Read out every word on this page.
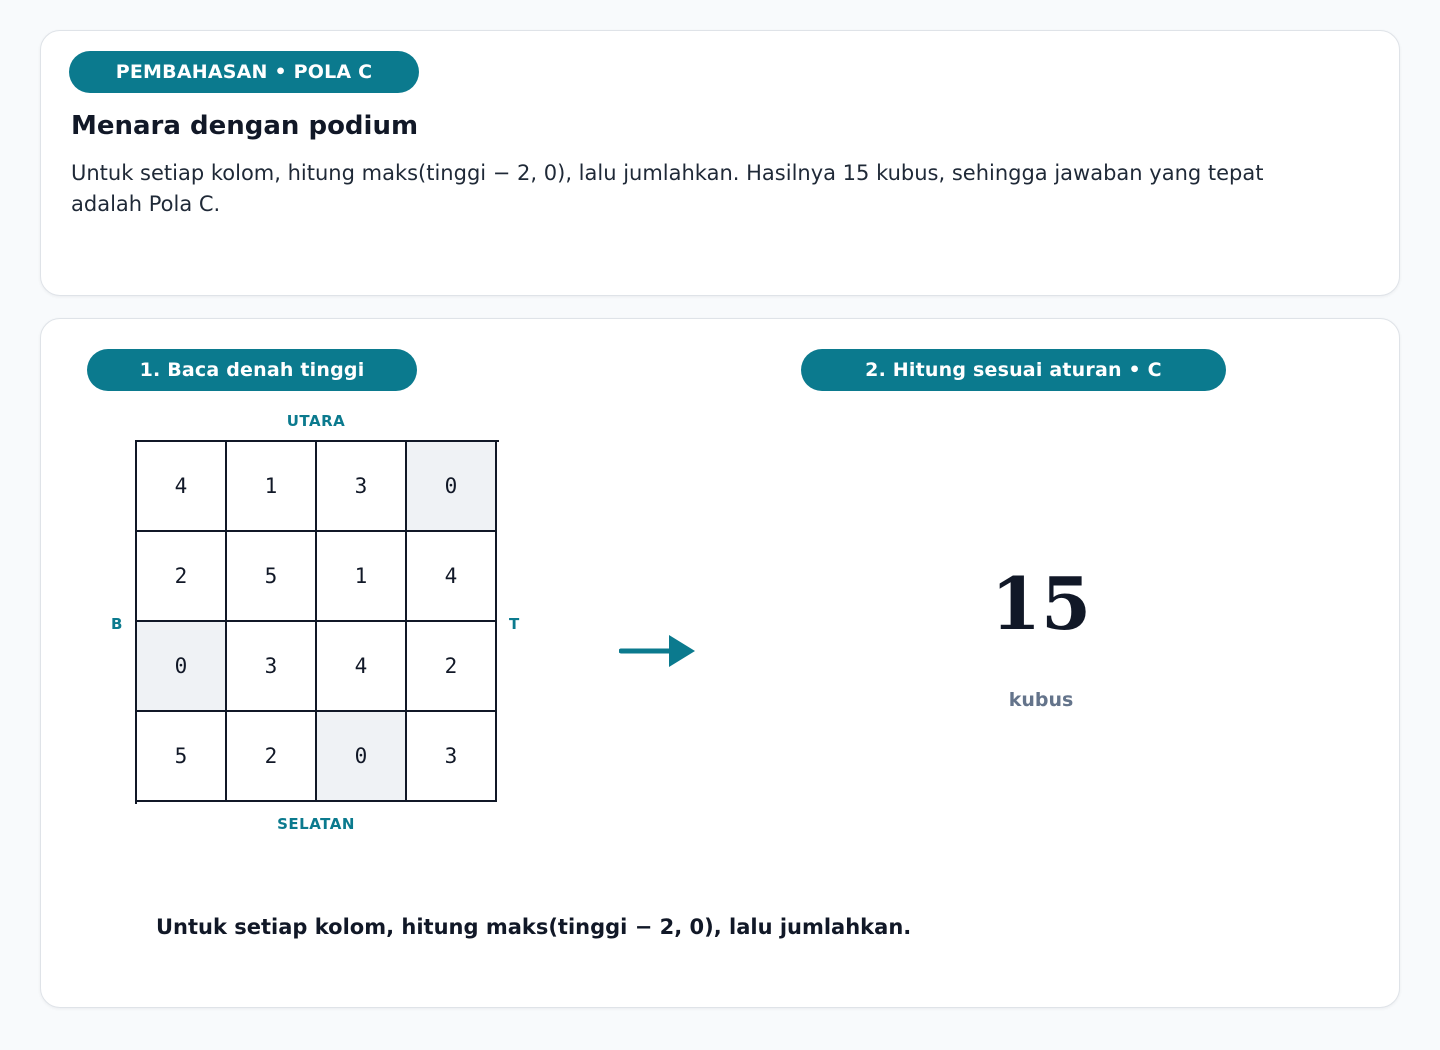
PEMBAHASAN • POLA C
Menara dengan podium

Untuk setiap kolom, hitung maks(tinggi − 2, 0), lalu jumlahkan. Hasilnya 15 kubus, sehingga jawaban yang tepat adalah Pola C.

1. Baca denah tinggi	2. Hitung sesuai aturan • C
UTARA
SELATAN
B	T
4	1	3	0
2	5	1	4
0	3	4	2
5	2	0	3
15
kubus

Untuk setiap kolom, hitung maks(tinggi − 2, 0), lalu jumlahkan.
